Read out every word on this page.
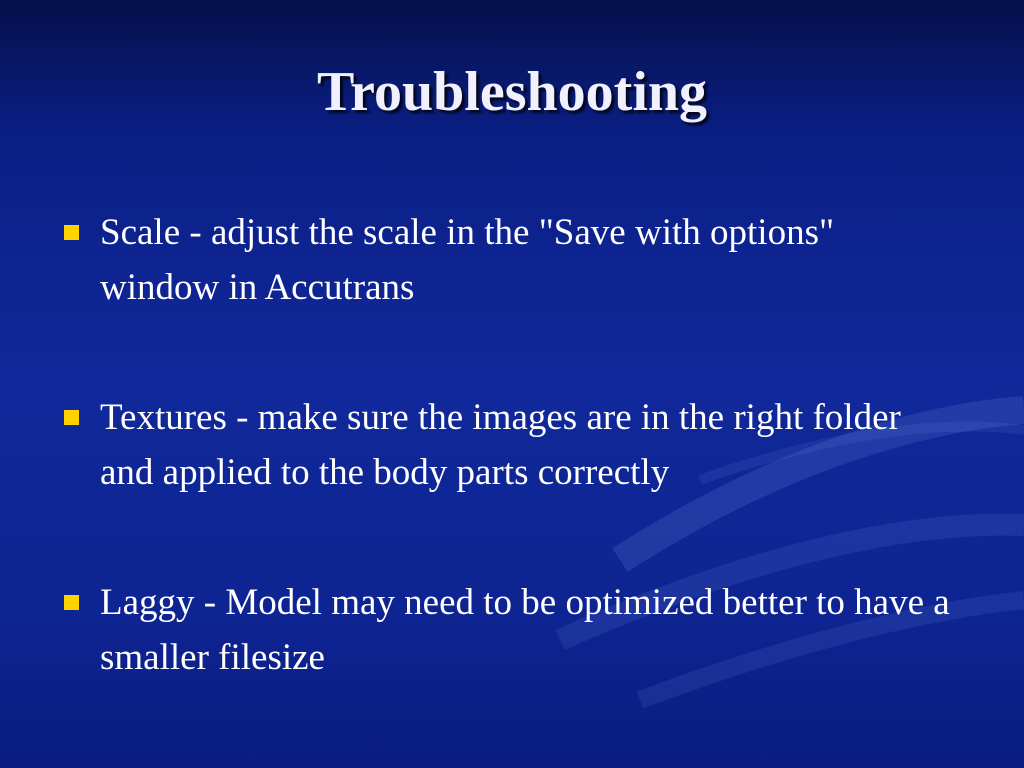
Troubleshooting
Scale - adjust the scale in the "Save with options" window in Accutrans
Textures - make sure the images are in the right folder and applied to the body parts correctly
Laggy - Model may need to be optimized better to have a smaller filesize
